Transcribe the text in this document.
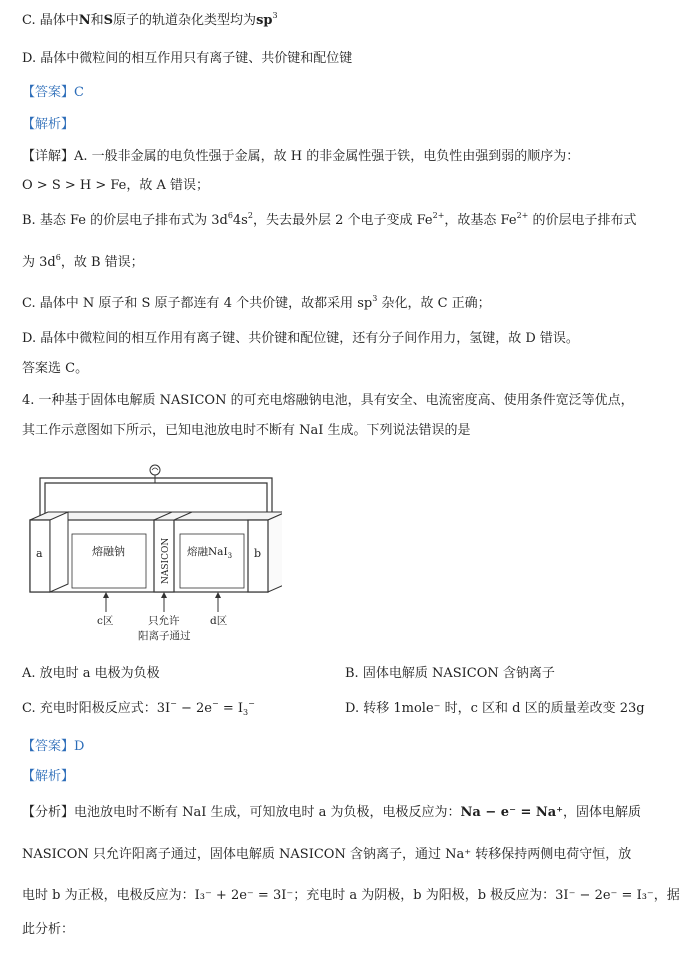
C. 晶体中N和S原子的轨道杂化类型均为$sp^3$
D. 晶体中微粒间的相互作用只有离子键、共价键和配位键
【答案】C
【解析】
【详解】A. 一般非金属的电负性强于金属，故 H 的非金属性强于铁，电负性由强到弱的顺序为：
O > S > H > Fe，故 A 错误；
B. 基态 Fe 的价层电子排布式为 $3d^64s^2$，失去最外层 2 个电子变成 $Fe^{2+}$，故基态 $Fe^{2+}$ 的价层电子排布式
为 $3d^6$，故 B 错误；
C. 晶体中 N 原子和 S 原子都连有 4 个共价键，故都采用 $sp^3$ 杂化，故 C 正确；
D. 晶体中微粒间的相互作用有离子键、共价键和配位键，还有分子间作用力，氢键，故 D 错误。
答案选 C。
4. 一种基于固体电解质 NASICON 的可充电熔融钠电池，具有安全、电流密度高、使用条件宽泛等优点，
其工作示意图如下所示，已知电池放电时不断有 NaI 生成。下列说法错误的是
a	b
熔融钠	NASICON 熔融NaI$_3$
c区	d区
只允许
阳离子通过
A. 放电时 a 电极为负极	B. 固体电解质 NASICON 含钠离子
C. 充电时阳极反应式：$3I^- - 2e^- = I_3^-$	D. 转移 1mole⁻ 时，c 区和 d 区的质量差改变 23g
【答案】D
【解析】
【分析】电池放电时不断有 NaI 生成，可知放电时 a 为负极，电极反应为：Na − e⁻ = Na⁺，固体电解质
NASICON 只允许阳离子通过，固体电解质 NASICON 含钠离子，通过 Na⁺ 转移保持两侧电荷守恒，放
电时 b 为正极，电极反应为：I₃⁻ + 2e⁻ = 3I⁻；充电时 a 为阴极，b 为阳极，b 极反应为：3I⁻ − 2e⁻ = I₃⁻，据
此分析：
